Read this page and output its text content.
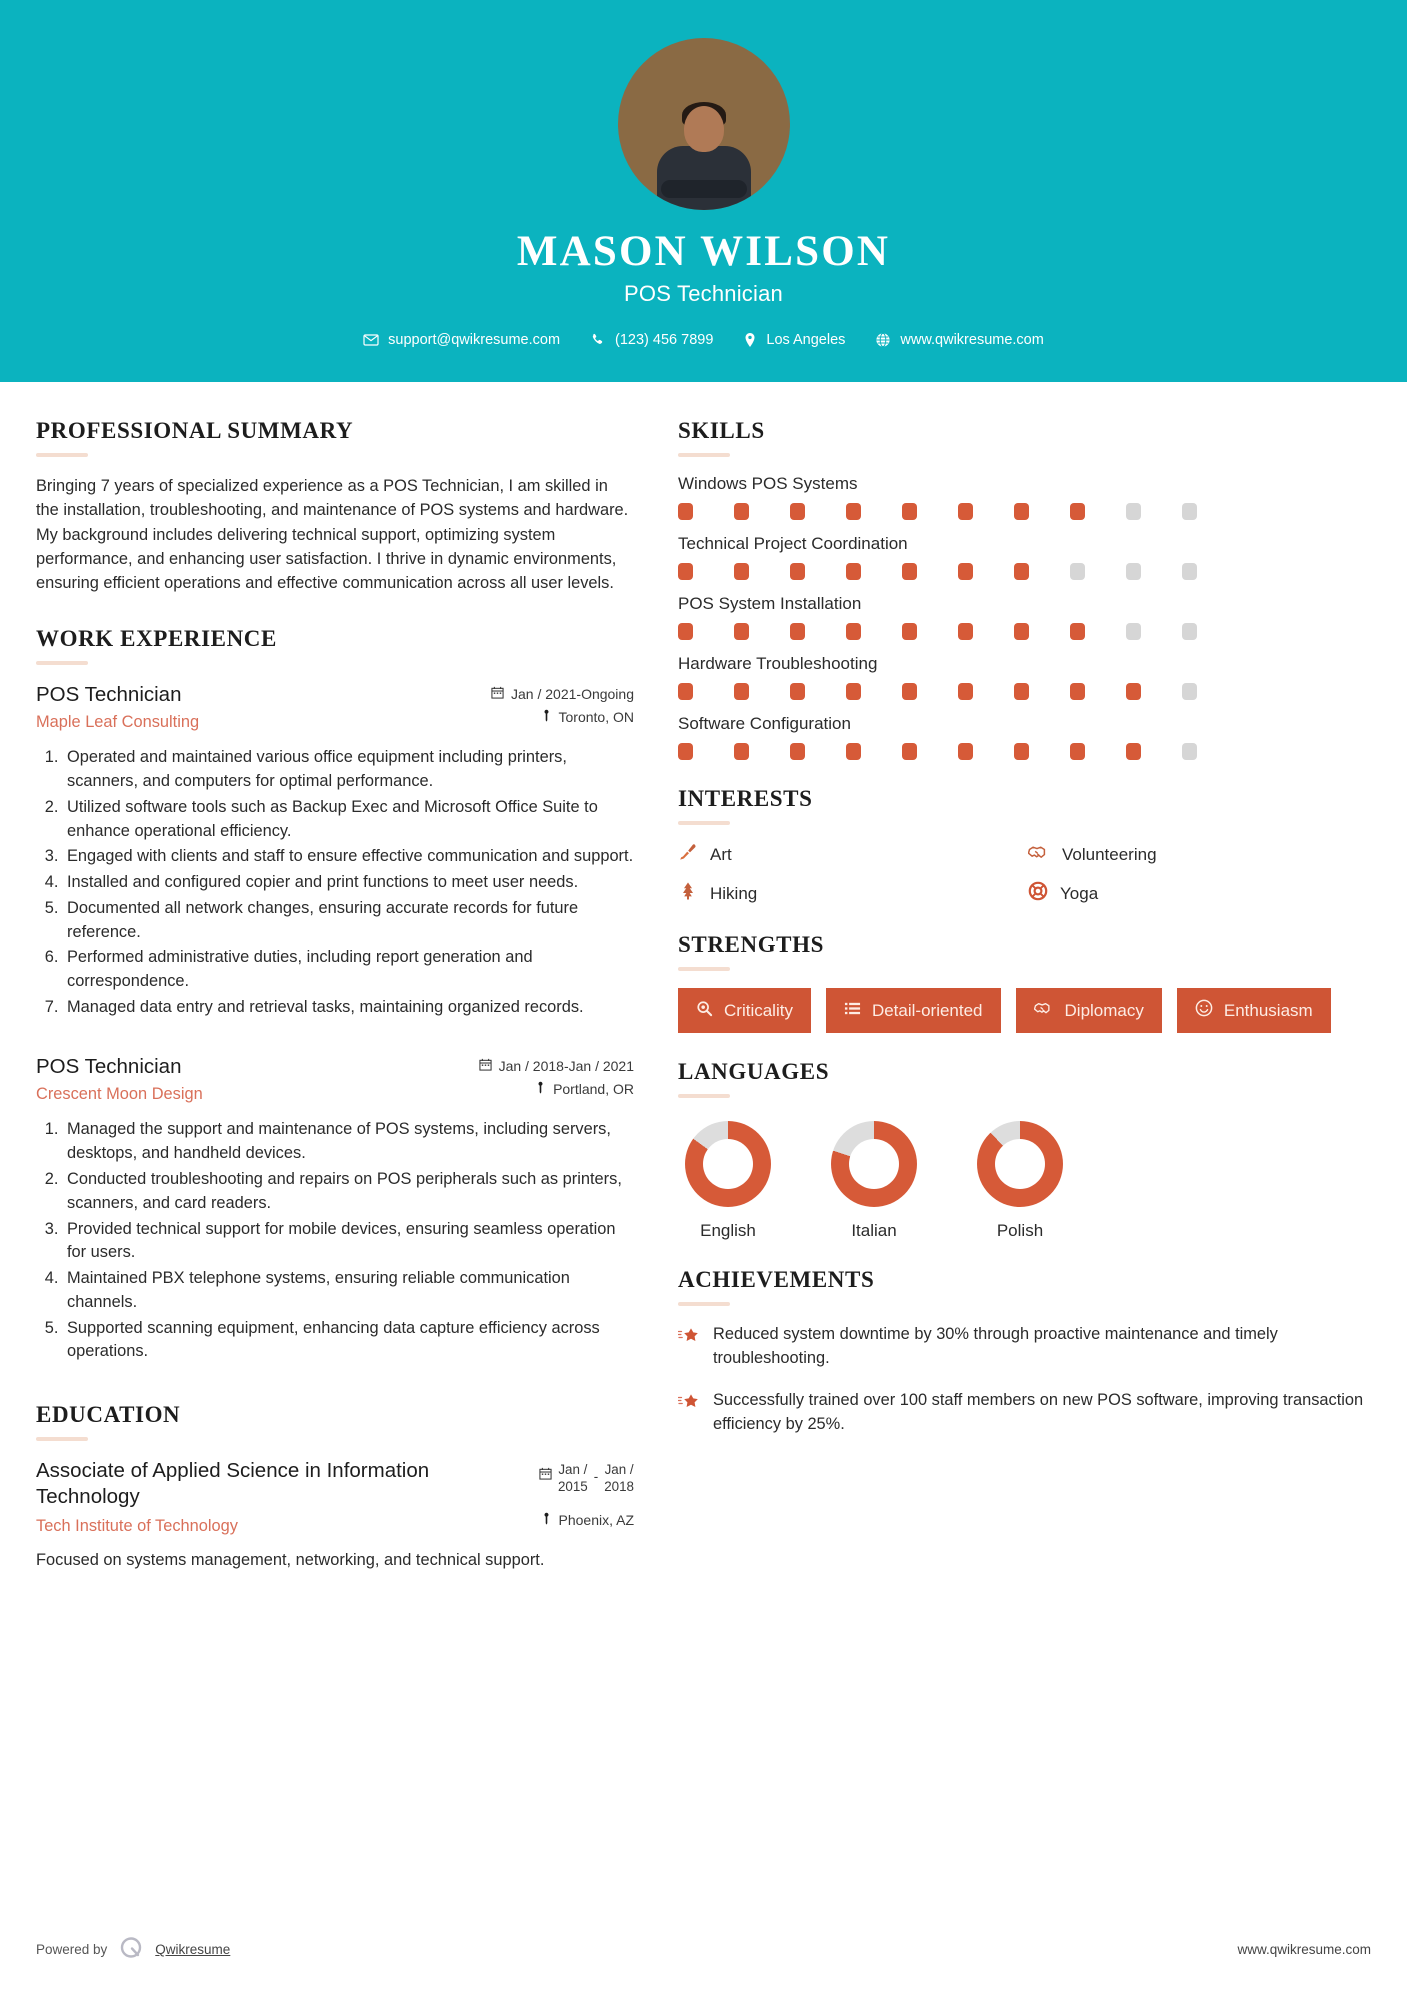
MASON WILSON
POS Technician
support@qwikresume.com	(123) 456 7899	Los Angeles	www.qwikresume.com
PROFESSIONAL SUMMARY
Bringing 7 years of specialized experience as a POS Technician, I am skilled in the installation, troubleshooting, and maintenance of POS systems and hardware. My background includes delivering technical support, optimizing system performance, and enhancing user satisfaction. I thrive in dynamic environments, ensuring efficient operations and effective communication across all user levels.
WORK EXPERIENCE
POS Technician
Maple Leaf Consulting
Jan / 2021-Ongoing
Toronto, ON
1. Operated and maintained various office equipment including printers, scanners, and computers for optimal performance.
2. Utilized software tools such as Backup Exec and Microsoft Office Suite to enhance operational efficiency.
3. Engaged with clients and staff to ensure effective communication and support.
4. Installed and configured copier and print functions to meet user needs.
5. Documented all network changes, ensuring accurate records for future reference.
6. Performed administrative duties, including report generation and correspondence.
7. Managed data entry and retrieval tasks, maintaining organized records.
POS Technician
Crescent Moon Design
Jan / 2018-Jan / 2021
Portland, OR
1. Managed the support and maintenance of POS systems, including servers, desktops, and handheld devices.
2. Conducted troubleshooting and repairs on POS peripherals such as printers, scanners, and card readers.
3. Provided technical support for mobile devices, ensuring seamless operation for users.
4. Maintained PBX telephone systems, ensuring reliable communication channels.
5. Supported scanning equipment, enhancing data capture efficiency across operations.
EDUCATION
Associate of Applied Science in Information Technology
Tech Institute of Technology
Jan /
2015
- Jan /
2018
Phoenix, AZ
Focused on systems management, networking, and technical support.
SKILLS
Windows POS Systems
Technical Project Coordination
POS System Installation
Hardware Troubleshooting
Software Configuration
INTERESTS
Art	Volunteering
Hiking	Yoga
STRENGTHS
Criticality	Detail-oriented	Diplomacy	Enthusiasm
LANGUAGES
English	Italian	Polish
ACHIEVEMENTS
Reduced system downtime by 30% through proactive maintenance and timely troubleshooting.
Successfully trained over 100 staff members on new POS software, improving transaction efficiency by 25%.
Powered by	Qwikresume	www.qwikresume.com
